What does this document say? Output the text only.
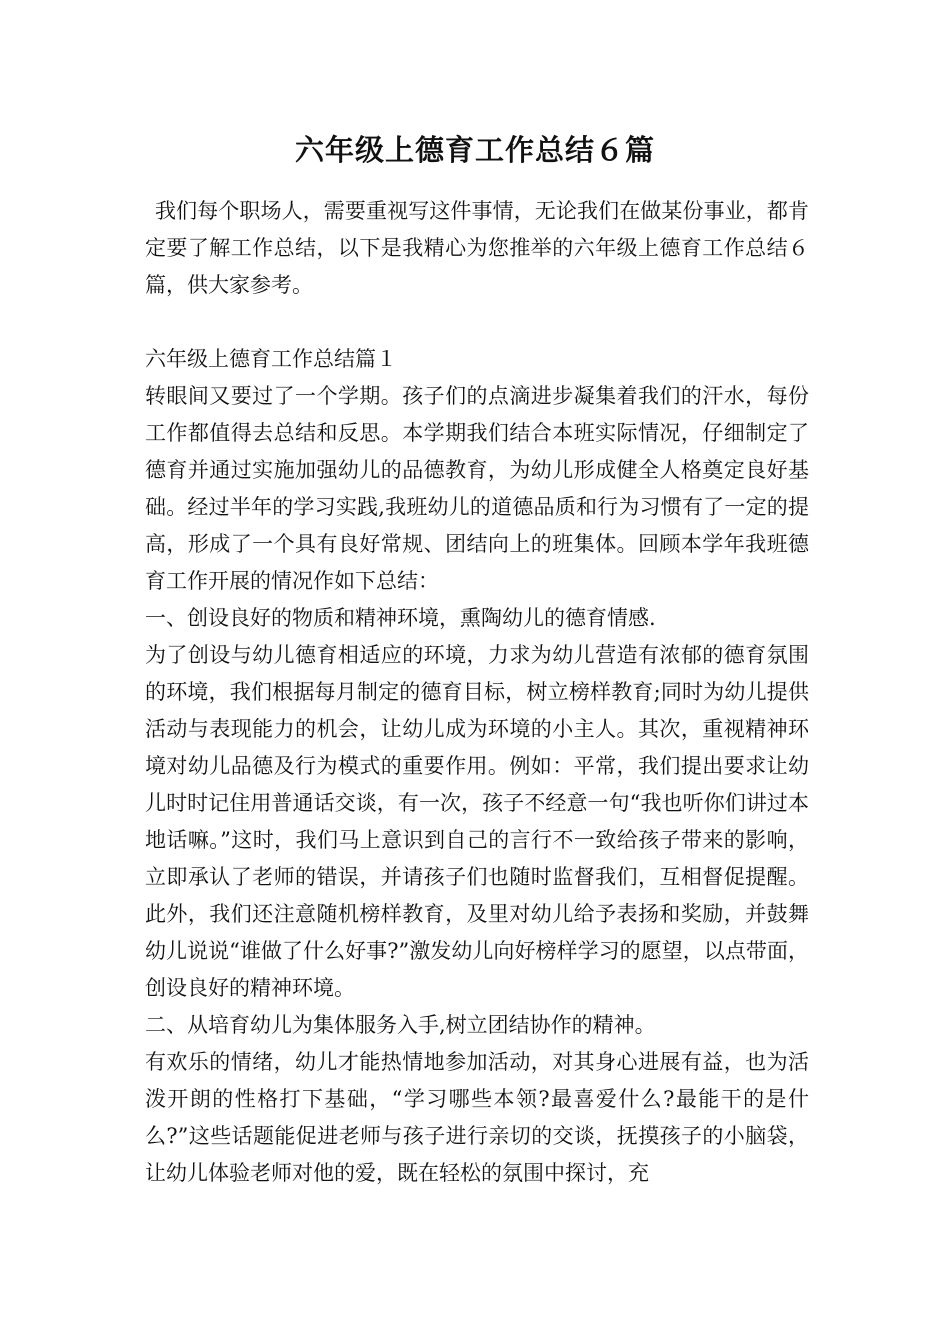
六年级上德育工作总结６篇

我们每个职场人，需要重视写这件事情，无论我们在做某份事业，都肯定要了解工作总结，以下是我精心为您推举的六年级上德育工作总结６篇，供大家参考。

六年级上德育工作总结篇１

转眼间又要过了一个学期。孩子们的点滴进步凝集着我们的汗水，每份工作都值得去总结和反思。本学期我们结合本班实际情况，仔细制定了德育并通过实施加强幼儿的品德教育，为幼儿形成健全人格奠定良好基础。经过半年的学习实践,我班幼儿的道德品质和行为习惯有了一定的提高，形成了一个具有良好常规、团结向上的班集体。回顾本学年我班德育工作开展的情况作如下总结：

一、创设良好的物质和精神环境，熏陶幼儿的德育情感.

为了创设与幼儿德育相适应的环境，力求为幼儿营造有浓郁的德育氛围的环境，我们根据每月制定的德育目标，树立榜样教育;同时为幼儿提供活动与表现能力的机会，让幼儿成为环境的小主人。其次，重视精神环境对幼儿品德及行为模式的重要作用。例如：平常，我们提出要求让幼儿时时记住用普通话交谈，有一次，孩子不经意一句“我也听你们讲过本地话嘛。”这时，我们马上意识到自己的言行不一致给孩子带来的影响，立即承认了老师的错误，并请孩子们也随时监督我们，互相督促提醒。此外，我们还注意随机榜样教育，及里对幼儿给予表扬和奖励，并鼓舞幼儿说说“谁做了什么好事?”激发幼儿向好榜样学习的愿望，以点带面，创设良好的精神环境。

二、从培育幼儿为集体服务入手,树立团结协作的精神。

有欢乐的情绪，幼儿才能热情地参加活动，对其身心进展有益，也为活泼开朗的性格打下基础，“学习哪些本领?最喜爱什么?最能干的是什么?”这些话题能促进老师与孩子进行亲切的交谈，抚摸孩子的小脑袋，让幼儿体验老师对他的爱，既在轻松的氛围中探讨，充
